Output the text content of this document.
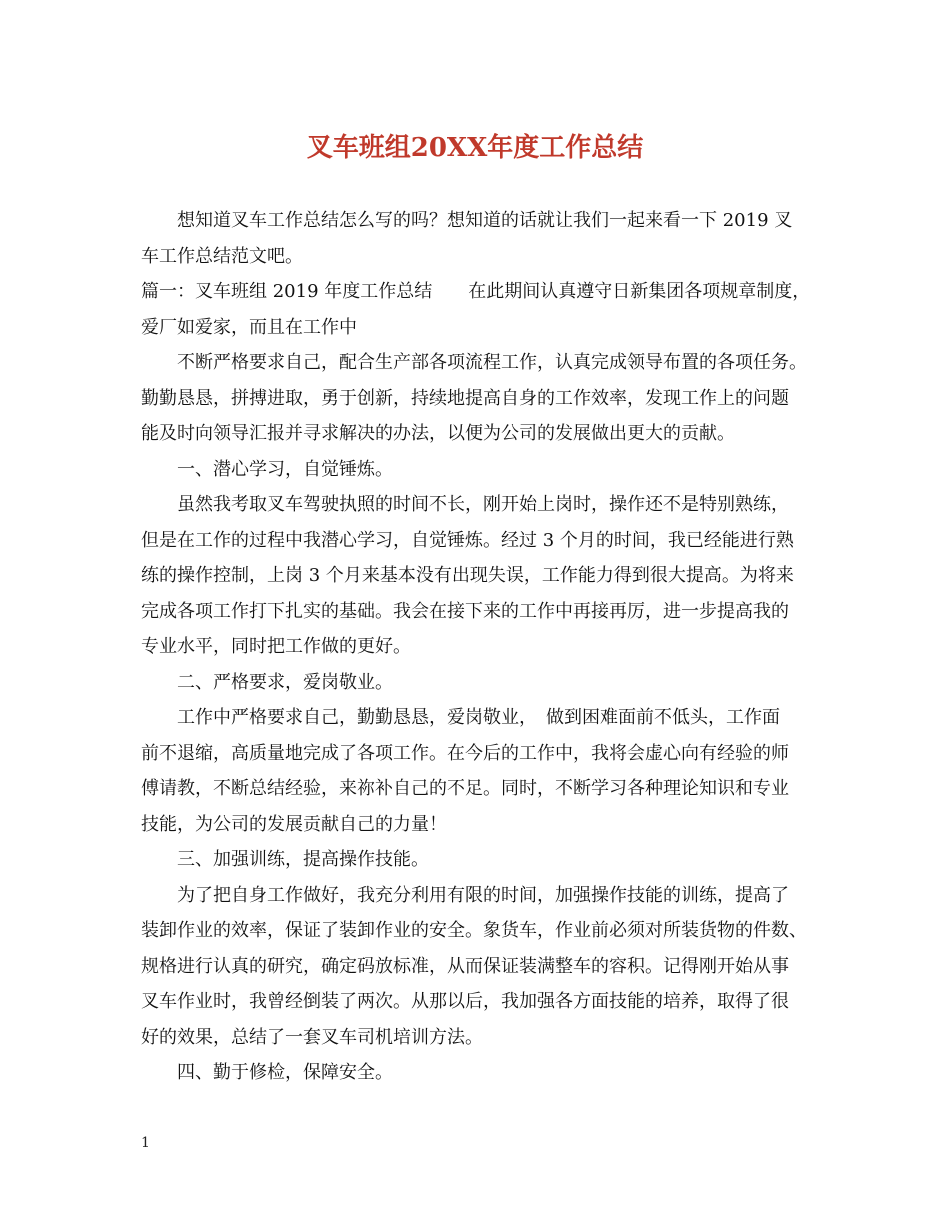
叉车班组20XX年度工作总结
想知道叉车工作总结怎么写的吗？想知道的话就让我们一起来看一下 2019 叉
车工作总结范文吧。
篇一：叉车班组 2019 年度工作总结　　在此期间认真遵守日新集团各项规章制度，
爱厂如爱家，而且在工作中
不断严格要求自己，配合生产部各项流程工作，认真完成领导布置的各项任务。
勤勤恳恳，拼搏进取，勇于创新，持续地提高自身的工作效率，发现工作上的问题
能及时向领导汇报并寻求解决的办法，以便为公司的发展做出更大的贡献。
一、潜心学习，自觉锤炼。
虽然我考取叉车驾驶执照的时间不长，刚开始上岗时，操作还不是特别熟练，
但是在工作的过程中我潜心学习，自觉锤炼。经过 3 个月的时间，我已经能进行熟
练的操作控制，上岗 3 个月来基本没有出现失误，工作能力得到很大提高。为将来
完成各项工作打下扎实的基础。我会在接下来的工作中再接再厉，进一步提高我的
专业水平，同时把工作做的更好。
二、严格要求，爱岗敬业。
工作中严格要求自己，勤勤恳恳，爱岗敬业，　做到困难面前不低头，工作面
前不退缩，高质量地完成了各项工作。在今后的工作中，我将会虚心向有经验的师
傅请教，不断总结经验，来祢补自己的不足。同时，不断学习各种理论知识和专业
技能，为公司的发展贡献自己的力量！
三、加强训练，提高操作技能。
为了把自身工作做好，我充分利用有限的时间，加强操作技能的训练，提高了
装卸作业的效率，保证了装卸作业的安全。象货车，作业前必须对所装货物的件数、
规格进行认真的研究，确定码放标准，从而保证装满整车的容积。记得刚开始从事
叉车作业时，我曾经倒装了两次。从那以后，我加强各方面技能的培养，取得了很
好的效果，总结了一套叉车司机培训方法。
四、勤于修检，保障安全。
1
